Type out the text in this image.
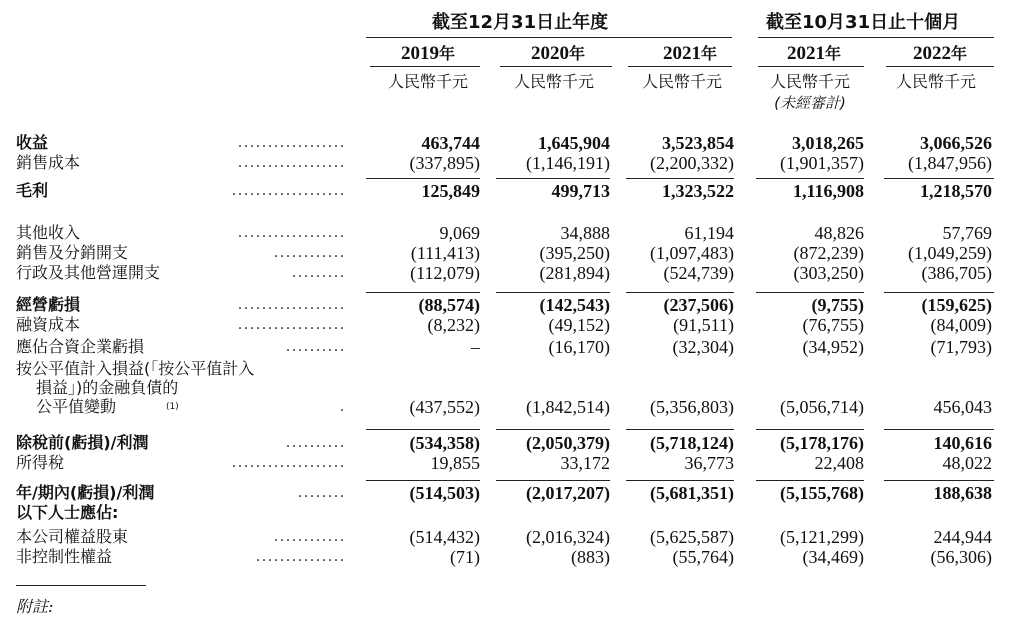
截至12月31日止年度	截至10月31日止十個月
2019年	2020年	2021年	2021年	2022年
人民幣千元	人民幣千元	人民幣千元	人民幣千元	人民幣千元
(未經審計)
收益	..................	463,744	1,645,904	3,523,854	3,018,265	3,066,526
銷售成本	..................	(337,895)	(1,146,191)	(2,200,332)	(1,901,357)	(1,847,956)
毛利	...................	125,849	499,713	1,323,522	1,116,908	1,218,570
其他收入	..................	9,069	34,888	61,194	48,826	57,769
銷售及分銷開支	............	(111,413)	(395,250)	(1,097,483)	(872,239)	(1,049,259)
行政及其他營運開支	.........	(112,079)	(281,894)	(524,739)	(303,250)	(386,705)
經營虧損	..................	(88,574)	(142,543)	(237,506)	(9,755)	(159,625)
融資成本	..................	(8,232)	(49,152)	(91,511)	(76,755)	(84,009)
應佔合資企業虧損	..........	–	(16,170)	(32,304)	(34,952)	(71,793)
按公平值計入損益(「按公平值計入
損益」)的金融負債的
公平值變動	$^{(1)}$	.	(437,552)	(1,842,514)	(5,356,803)	(5,056,714)	456,043
除稅前(虧損)/利潤	..........	(534,358)	(2,050,379)	(5,718,124)	(5,178,176)	140,616
所得稅	...................	19,855	33,172	36,773	22,408	48,022
年/期內(虧損)/利潤	........	(514,503)	(2,017,207)	(5,681,351)	(5,155,768)	188,638
以下人士應佔:
本公司權益股東	............	(514,432)	(2,016,324)	(5,625,587)	(5,121,299)	244,944
非控制性權益	...............	(71)	(883)	(55,764)	(34,469)	(56,306)
附註:
